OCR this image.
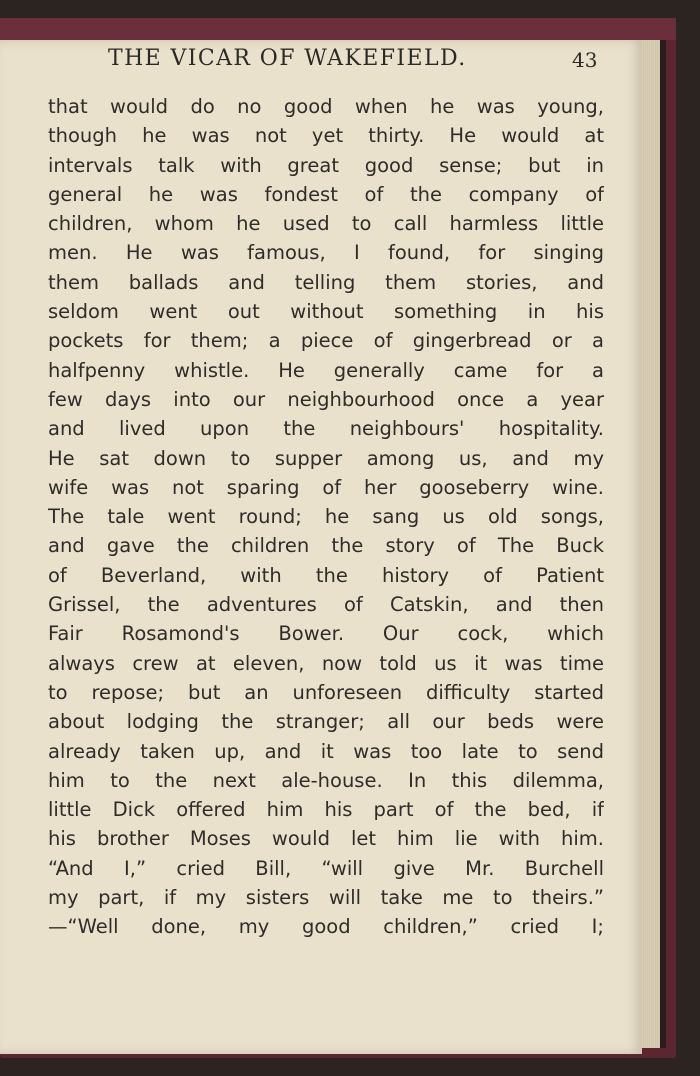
THE VICAR OF WAKEFIELD.	43
that would do no good when he was young,
though he was not yet thirty. He would at
intervals talk with great good sense; but in
general he was fondest of the company of
children, whom he used to call harmless little
men. He was famous, I found, for singing
them ballads and telling them stories, and
seldom went out without something in his
pockets for them; a piece of gingerbread or a
halfpenny whistle. He generally came for a
few days into our neighbourhood once a year
and lived upon the neighbours' hospitality.
He sat down to supper among us, and my
wife was not sparing of her gooseberry wine.
The tale went round; he sang us old songs,
and gave the children the story of The Buck
of Beverland, with the history of Patient
Grissel, the adventures of Catskin, and then
Fair Rosamond's Bower. Our cock, which
always crew at eleven, now told us it was time
to repose; but an unforeseen difficulty started
about lodging the stranger; all our beds were
already taken up, and it was too late to send
him to the next ale-house. In this dilemma,
little Dick offered him his part of the bed, if
his brother Moses would let him lie with him.
“And I,” cried Bill, “will give Mr. Burchell
my part, if my sisters will take me to theirs.”
—“Well done, my good children,” cried I;
